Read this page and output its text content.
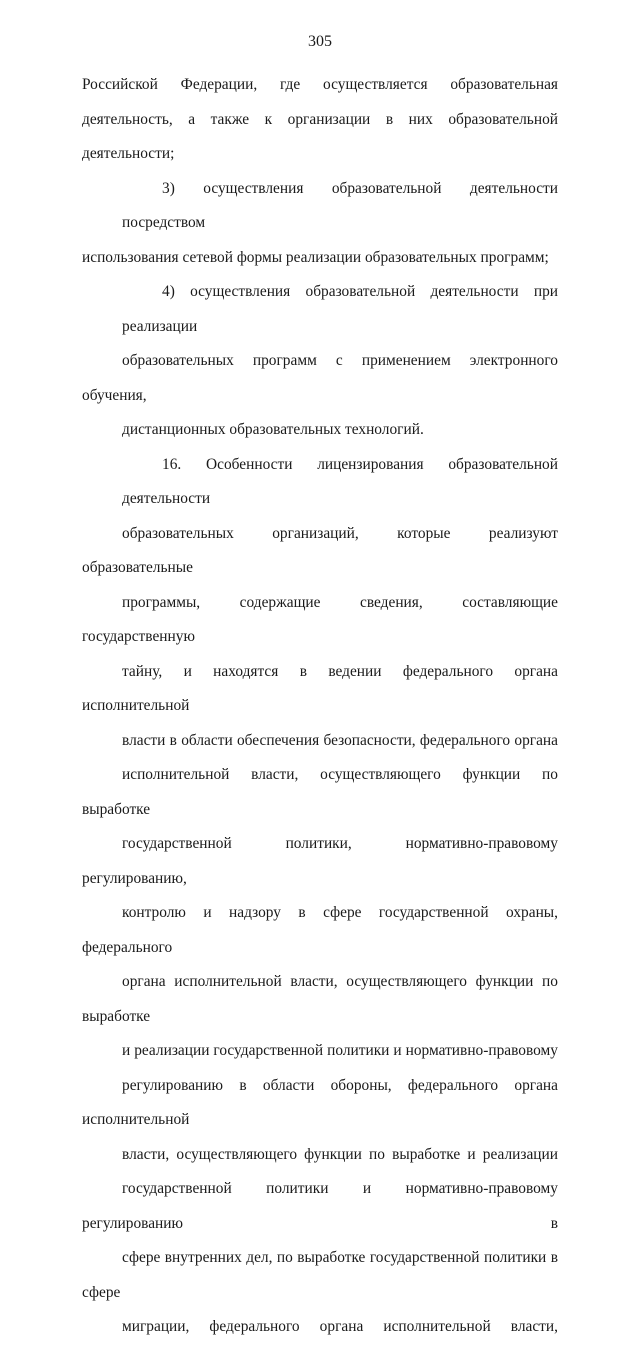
305

Российской Федерации, где осуществляется образовательная
деятельность, а также к организации в них образовательной деятельности;

3) осуществления образовательной деятельности посредством
использования сетевой формы реализации образовательных программ;

4) осуществления образовательной деятельности при реализации
образовательных программ с применением электронного обучения,
дистанционных образовательных технологий.

16. Особенности лицензирования образовательной деятельности
образовательных организаций, которые реализуют образовательные
программы, содержащие сведения, составляющие государственную
тайну, и находятся в ведении федерального органа исполнительной
власти в области обеспечения безопасности, федерального органа
исполнительной власти, осуществляющего функции по выработке
государственной политики, нормативно-правовому регулированию,
контролю и надзору в сфере государственной охраны, федерального
органа исполнительной власти, осуществляющего функции по выработке
и реализации государственной политики и нормативно-правовому
регулированию в области обороны, федерального органа исполнительной
власти, осуществляющего функции по выработке и реализации
государственной политики и нормативно-правовому регулированию в
сфере внутренних дел, по выработке государственной политики в сфере
миграции, федерального органа исполнительной власти,
